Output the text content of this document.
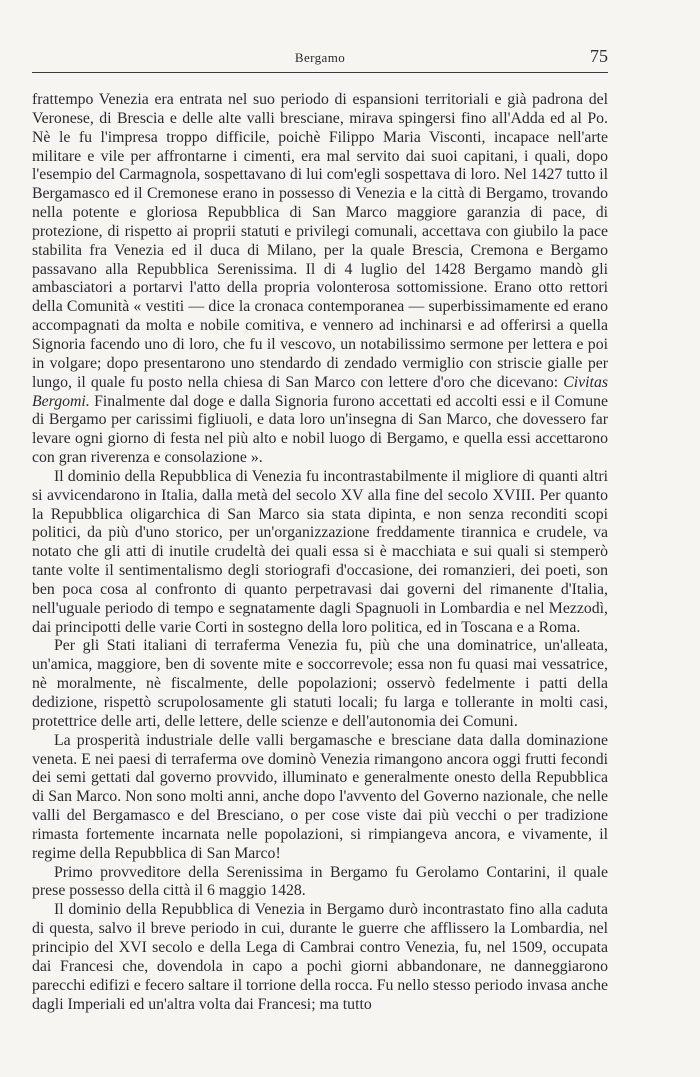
Bergamo	75

frattempo Venezia era entrata nel suo periodo di espansioni territoriali e già padrona del Veronese, di Brescia e delle alte valli bresciane, mirava spingersi fino all'Adda ed al Po. Nè le fu l'impresa troppo difficile, poichè Filippo Maria Visconti, incapace nell'arte militare e vile per affrontarne i cimenti, era mal servito dai suoi capitani, i quali, dopo l'esempio del Carmagnola, sospettavano di lui com'egli sospettava di loro. Nel 1427 tutto il Bergamasco ed il Cremonese erano in possesso di Venezia e la città di Bergamo, trovando nella potente e gloriosa Repubblica di San Marco maggiore garanzia di pace, di protezione, di rispetto ai proprii statuti e privilegi comunali, accettava con giubilo la pace stabilita fra Venezia ed il duca di Milano, per la quale Brescia, Cremona e Bergamo passavano alla Repubblica Serenissima. Il di 4 luglio del 1428 Bergamo mandò gli ambasciatori a portarvi l'atto della propria volonterosa sottomissione. Erano otto rettori della Comunità « vestiti — dice la cronaca contemporanea — superbissimamente ed erano accompagnati da molta e nobile comitiva, e vennero ad inchinarsi e ad offerirsi a quella Signoria facendo uno di loro, che fu il vescovo, un notabilissimo sermone per lettera e poi in volgare; dopo presentarono uno stendardo di zendado vermiglio con striscie gialle per lungo, il quale fu posto nella chiesa di San Marco con lettere d'oro che dicevano: Civitas Bergomi. Finalmente dal doge e dalla Signoria furono accettati ed accolti essi e il Comune di Bergamo per carissimi figliuoli, e data loro un'insegna di San Marco, che dovessero far levare ogni giorno di festa nel più alto e nobil luogo di Bergamo, e quella essi accettarono con gran riverenza e consolazione ».

Il dominio della Repubblica di Venezia fu incontrastabilmente il migliore di quanti altri si avvicendarono in Italia, dalla metà del secolo XV alla fine del secolo XVIII. Per quanto la Repubblica oligarchica di San Marco sia stata dipinta, e non senza reconditi scopi politici, da più d'uno storico, per un'organizzazione freddamente tirannica e crudele, va notato che gli atti di inutile crudeltà dei quali essa si è macchiata e sui quali si stemperò tante volte il sentimentalismo degli storiografi d'occasione, dei romanzieri, dei poeti, son ben poca cosa al confronto di quanto perpetravasi dai governi del rimanente d'Italia, nell'uguale periodo di tempo e segnatamente dagli Spagnuoli in Lombardia e nel Mezzodì, dai principotti delle varie Corti in sostegno della loro politica, ed in Toscana e a Roma.

Per gli Stati italiani di terraferma Venezia fu, più che una dominatrice, un'alleata, un'amica, maggiore, ben di sovente mite e soccorrevole; essa non fu quasi mai vessatrice, nè moralmente, nè fiscalmente, delle popolazioni; osservò fedelmente i patti della dedizione, rispettò scrupolosamente gli statuti locali; fu larga e tollerante in molti casi, protettrice delle arti, delle lettere, delle scienze e dell'autonomia dei Comuni.

La prosperità industriale delle valli bergamasche e bresciane data dalla dominazione veneta. E nei paesi di terraferma ove dominò Venezia rimangono ancora oggi frutti fecondi dei semi gettati dal governo provvido, illuminato e generalmente onesto della Repubblica di San Marco. Non sono molti anni, anche dopo l'avvento del Governo nazionale, che nelle valli del Bergamasco e del Bresciano, o per cose viste dai più vecchi o per tradizione rimasta fortemente incarnata nelle popolazioni, si rimpiangeva ancora, e vivamente, il regime della Repubblica di San Marco!

Primo provveditore della Serenissima in Bergamo fu Gerolamo Contarini, il quale prese possesso della città il 6 maggio 1428.

Il dominio della Repubblica di Venezia in Bergamo durò incontrastato fino alla caduta di questa, salvo il breve periodo in cui, durante le guerre che afflissero la Lombardia, nel principio del XVI secolo e della Lega di Cambrai contro Venezia, fu, nel 1509, occupata dai Francesi che, dovendola in capo a pochi giorni abbandonare, ne danneggiarono parecchi edifizi e fecero saltare il torrione della rocca. Fu nello stesso periodo invasa anche dagli Imperiali ed un'altra volta dai Francesi; ma tutto
